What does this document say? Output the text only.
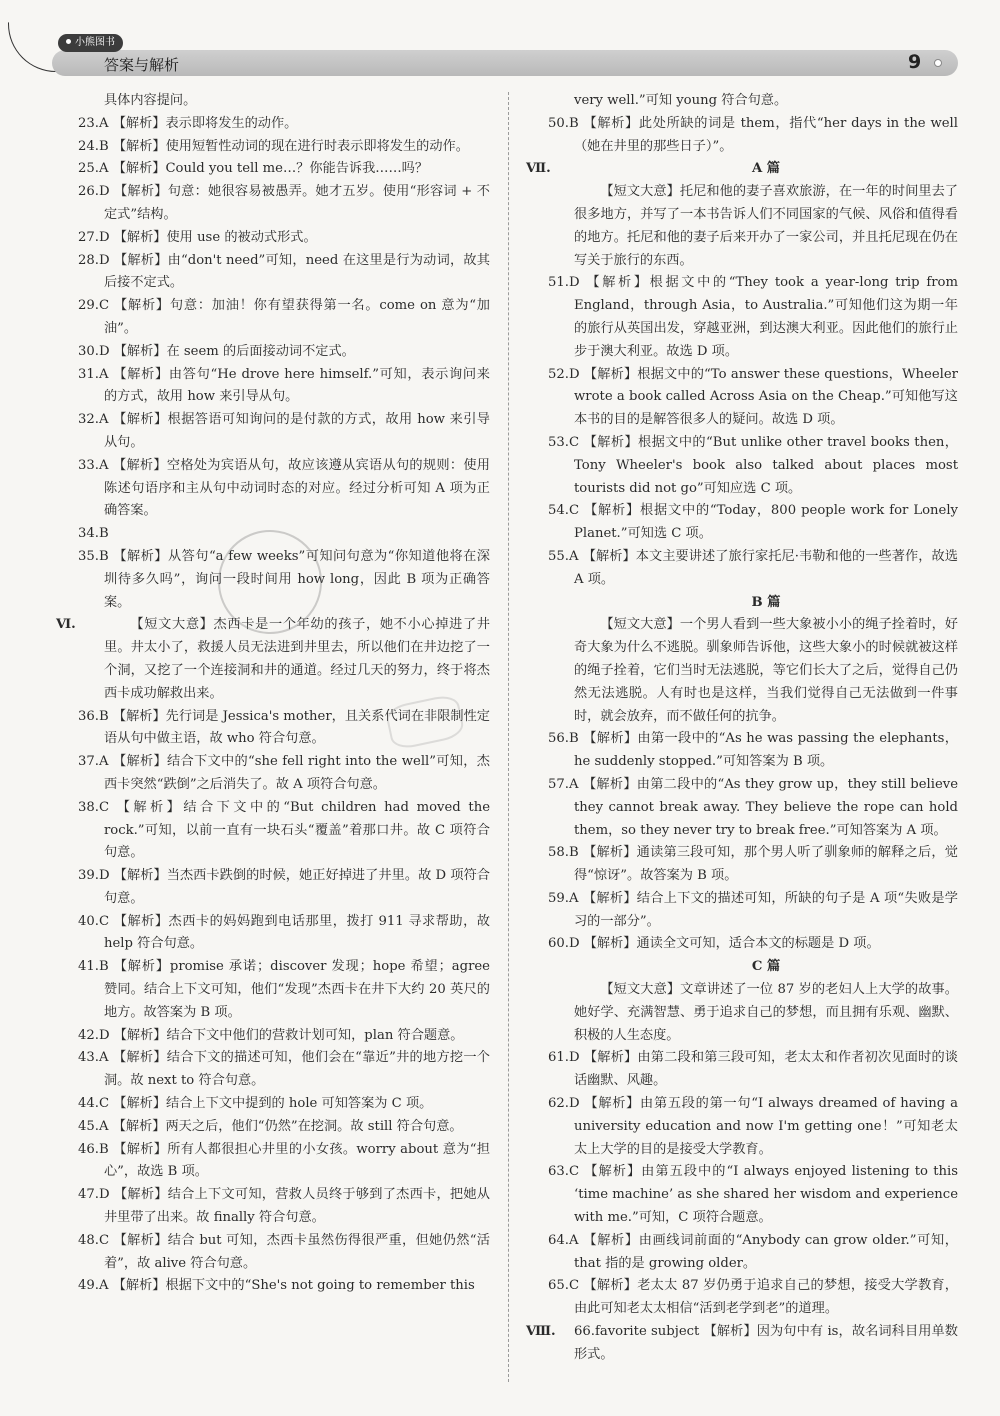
小熊图书
答案与解析	9

具体内容提问。

23.A 【解析】表示即将发生的动作。

24.B 【解析】使用短暂性动词的现在进行时表示即将发生的动作。

25.A 【解析】Could you tell me…？你能告诉我……吗？

26.D 【解析】句意：她很容易被愚弄。她才五岁。使用“形容词 + 不定式”结构。

27.D 【解析】使用 use 的被动式形式。

28.D 【解析】由“don't need”可知，need 在这里是行为动词，故其后接不定式。

29.C 【解析】句意：加油！你有望获得第一名。come on 意为“加油”。

30.D 【解析】在 seem 的后面接动词不定式。

31.A 【解析】由答句“He drove here himself.”可知，表示询问来的方式，故用 how 来引导从句。

32.A 【解析】根据答语可知询问的是付款的方式，故用 how 来引导从句。

33.A 【解析】空格处为宾语从句，故应该遵从宾语从句的规则：使用陈述句语序和主从句中动词时态的对应。经过分析可知 A 项为正确答案。

34.B

35.B 【解析】从答句“a few weeks”可知问句意为“你知道他将在深圳待多久吗”，询问一段时间用 how long，因此 B 项为正确答案。

Ⅵ.	【短文大意】杰西卡是一个年幼的孩子，她不小心掉进了井里。井太小了，救援人员无法进到井里去，所以他们在井边挖了一个洞，又挖了一个连接洞和井的通道。经过几天的努力，终于将杰西卡成功解救出来。

36.B 【解析】先行词是 Jessica's mother，且关系代词在非限制性定语从句中做主语，故 who 符合句意。

37.A 【解析】结合下文中的“she fell right into the well”可知，杰西卡突然“跌倒”之后消失了。故 A 项符合句意。

38.C 【解析】结合下文中的“But children had moved the rock.”可知，以前一直有一块石头“覆盖”着那口井。故 C 项符合句意。

39.D 【解析】当杰西卡跌倒的时候，她正好掉进了井里。故 D 项符合句意。

40.C 【解析】杰西卡的妈妈跑到电话那里，拨打 911 寻求帮助，故 help 符合句意。

41.B 【解析】promise 承诺；discover 发现；hope 希望；agree 赞同。结合上下文可知，他们“发现”杰西卡在井下大约 20 英尺的地方。故答案为 B 项。

42.D 【解析】结合下文中他们的营救计划可知，plan 符合题意。

43.A 【解析】结合下文的描述可知，他们会在“靠近”井的地方挖一个洞。故 next to 符合句意。

44.C 【解析】结合上下文中提到的 hole 可知答案为 C 项。

45.A 【解析】两天之后，他们“仍然”在挖洞。故 still 符合句意。

46.B 【解析】所有人都很担心井里的小女孩。worry about 意为“担心”，故选 B 项。

47.D 【解析】结合上下文可知，营救人员终于够到了杰西卡，把她从井里带了出来。故 finally 符合句意。

48.C 【解析】结合 but 可知，杰西卡虽然伤得很严重，但她仍然“活着”，故 alive 符合句意。

49.A 【解析】根据下文中的“She's not going to remember this

very well.”可知 young 符合句意。

50.B 【解析】此处所缺的词是 them，指代“her days in the well（她在井里的那些日子）”。

Ⅶ.	A 篇

【短文大意】托尼和他的妻子喜欢旅游，在一年的时间里去了很多地方，并写了一本书告诉人们不同国家的气候、风俗和值得看的地方。托尼和他的妻子后来开办了一家公司，并且托尼现在仍在写关于旅行的东西。

51.D 【解析】根据文中的“They took a year-long trip from England，through Asia，to Australia.”可知他们这为期一年的旅行从英国出发，穿越亚洲，到达澳大利亚。因此他们的旅行止步于澳大利亚。故选 D 项。

52.D 【解析】根据文中的“To answer these questions，Wheeler wrote a book called Across Asia on the Cheap.”可知他写这本书的目的是解答很多人的疑问。故选 D 项。

53.C 【解析】根据文中的“But unlike other travel books then，Tony Wheeler's book also talked about places most tourists did not go”可知应选 C 项。

54.C 【解析】根据文中的“Today，800 people work for Lonely Planet.”可知选 C 项。

55.A 【解析】本文主要讲述了旅行家托尼·韦勒和他的一些著作，故选 A 项。

B 篇

【短文大意】一个男人看到一些大象被小小的绳子拴着时，好奇大象为什么不逃脱。驯象师告诉他，这些大象小的时候就被这样的绳子拴着，它们当时无法逃脱，等它们长大了之后，觉得自己仍然无法逃脱。人有时也是这样，当我们觉得自己无法做到一件事时，就会放弃，而不做任何的抗争。

56.B 【解析】由第一段中的“As he was passing the elephants，he suddenly stopped.”可知答案为 B 项。

57.A 【解析】由第二段中的“As they grow up，they still believe they cannot break away. They believe the rope can hold them，so they never try to break free.”可知答案为 A 项。

58.B 【解析】通读第三段可知，那个男人听了驯象师的解释之后，觉得“惊讶”。故答案为 B 项。

59.A 【解析】结合上下文的描述可知，所缺的句子是 A 项“失败是学习的一部分”。

60.D 【解析】通读全文可知，适合本文的标题是 D 项。

C 篇

【短文大意】文章讲述了一位 87 岁的老妇人上大学的故事。她好学、充满智慧、勇于追求自己的梦想，而且拥有乐观、幽默、积极的人生态度。

61.D 【解析】由第二段和第三段可知，老太太和作者初次见面时的谈话幽默、风趣。

62.D 【解析】由第五段的第一句“I always dreamed of having a university education and now I'm getting one！”可知老太太上大学的目的是接受大学教育。

63.C 【解析】由第五段中的“I always enjoyed listening to this ‘time machine’ as she shared her wisdom and experience with me.”可知，C 项符合题意。

64.A 【解析】由画线词前面的“Anybody can grow older.”可知，that 指的是 growing older。

65.C 【解析】老太太 87 岁仍勇于追求自己的梦想，接受大学教育，由此可知老太太相信“活到老学到老”的道理。

Ⅷ. 66.favorite subject 【解析】因为句中有 is，故名词科目用单数形式。
